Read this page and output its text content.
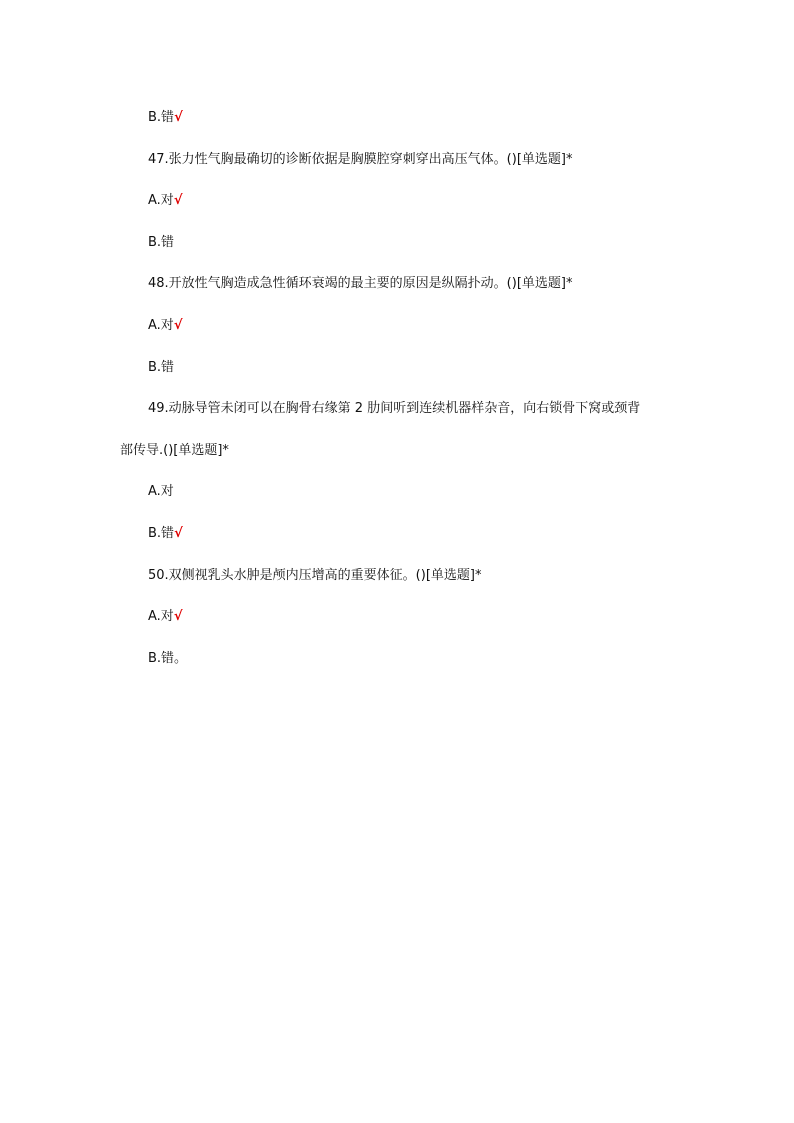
B.错√
47.张力性气胸最确切的诊断依据是胸膜腔穿刺穿出高压气体。()[单选题]*
A.对√
B.错
48.开放性气胸造成急性循环衰竭的最主要的原因是纵隔扑动。()[单选题]*
A.对√
B.错
49.动脉导管未闭可以在胸骨右缘第 2 肋间听到连续机器样杂音，向右锁骨下窝或颈背
部传导.()[单选题]*
A.对
B.错√
50.双侧视乳头水肿是颅内压增高的重要体征。()[单选题]*
A.对√
B.错。
